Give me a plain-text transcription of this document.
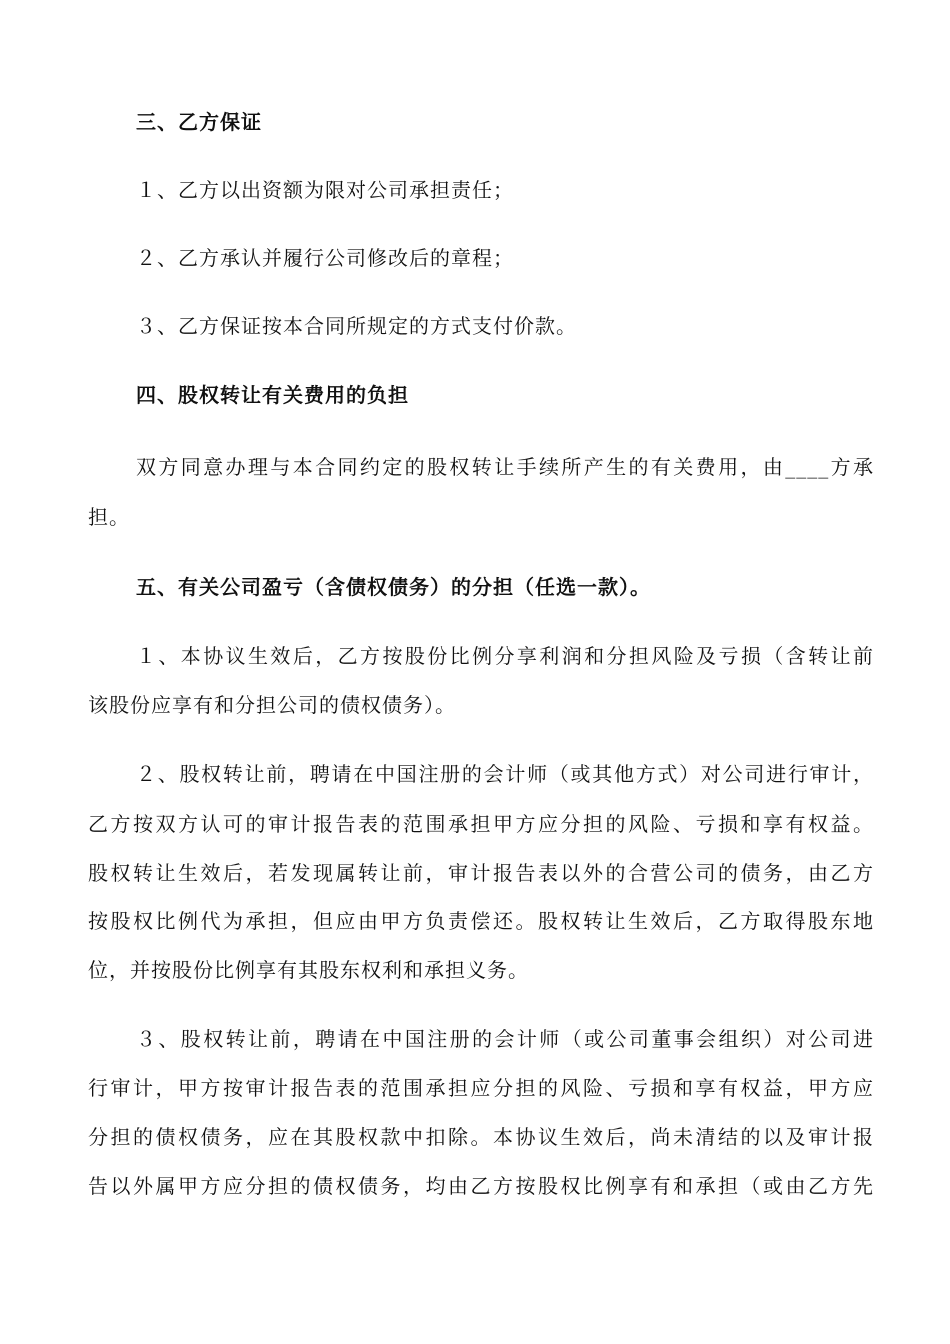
三、乙方保证

１、乙方以出资额为限对公司承担责任；

２、乙方承认并履行公司修改后的章程；

３、乙方保证按本合同所规定的方式支付价款。

四、股权转让有关费用的负担

双方同意办理与本合同约定的股权转让手续所产生的有关费用，由____方承

担。

五、有关公司盈亏（含债权债务）的分担（任选一款）。

１、本协议生效后，乙方按股份比例分享利润和分担风险及亏损（含转让前

该股份应享有和分担公司的债权债务）。

２、股权转让前，聘请在中国注册的会计师（或其他方式）对公司进行审计，

乙方按双方认可的审计报告表的范围承担甲方应分担的风险、亏损和享有权益。

股权转让生效后，若发现属转让前，审计报告表以外的合营公司的债务，由乙方

按股权比例代为承担，但应由甲方负责偿还。股权转让生效后，乙方取得股东地

位，并按股份比例享有其股东权利和承担义务。

３、股权转让前，聘请在中国注册的会计师（或公司董事会组织）对公司进

行审计，甲方按审计报告表的范围承担应分担的风险、亏损和享有权益，甲方应

分担的债权债务，应在其股权款中扣除。本协议生效后，尚未清结的以及审计报

告以外属甲方应分担的债权债务，均由乙方按股权比例享有和承担（或由乙方先
